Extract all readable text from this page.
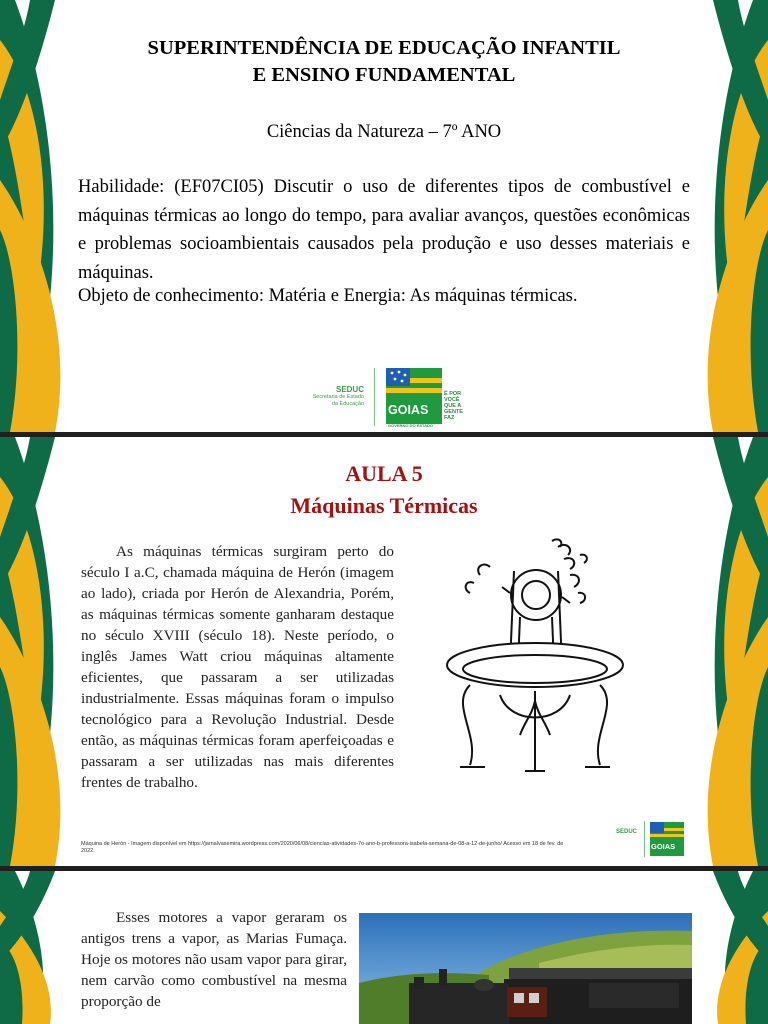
SUPERINTENDÊNCIA DE EDUCAÇÃO INFANTIL
E ENSINO FUNDAMENTAL
Ciências da Natureza – 7º ANO

Habilidade: (EF07CI05) Discutir o uso de diferentes tipos de combustível e máquinas térmicas ao longo do tempo, para avaliar avanços, questões econômicas e problemas socioambientais causados pela produção e uso desses materiais e máquinas.

Objeto de conhecimento: Matéria e Energia: As máquinas térmicas.
SEDUC
Secretaria de Estado
da Educação GOIAS
É POR
VOCÊ
QUE A
GENTE
FAZ
GOVERNO DO ESTADO
AULA 5
Máquinas Térmicas
As máquinas térmicas surgiram perto do século I a.C, chamada máquina de Herón (imagem ao lado), criada por Herón de Alexandria, Porém, as máquinas térmicas somente ganharam destaque no século XVIII (século 18). Neste período, o inglês James Watt criou máquinas altamente eficientes, que passaram a ser utilizadas industrialmente. Essas máquinas foram o impulso tecnológico para a Revolução Industrial. Desde então, as máquinas térmicas foram aperfeiçoadas e passaram a ser utilizadas nas mais diferentes frentes de trabalho.
Máquina de Herón - Imagem disponível em https://jarnalvasemira.wordpress.com/2020/06/08/ciencias-atividades-7o-ano-b-professora-isabela-semana-de-08-a-12-de-junho/ Acesso em 18 de fev. de 2022.
SEDUC
GOIAS
Esses motores a vapor geraram os antigos trens a vapor, as Marias Fumaça. Hoje os motores não usam vapor para girar, nem carvão como combustível na mesma proporção de
